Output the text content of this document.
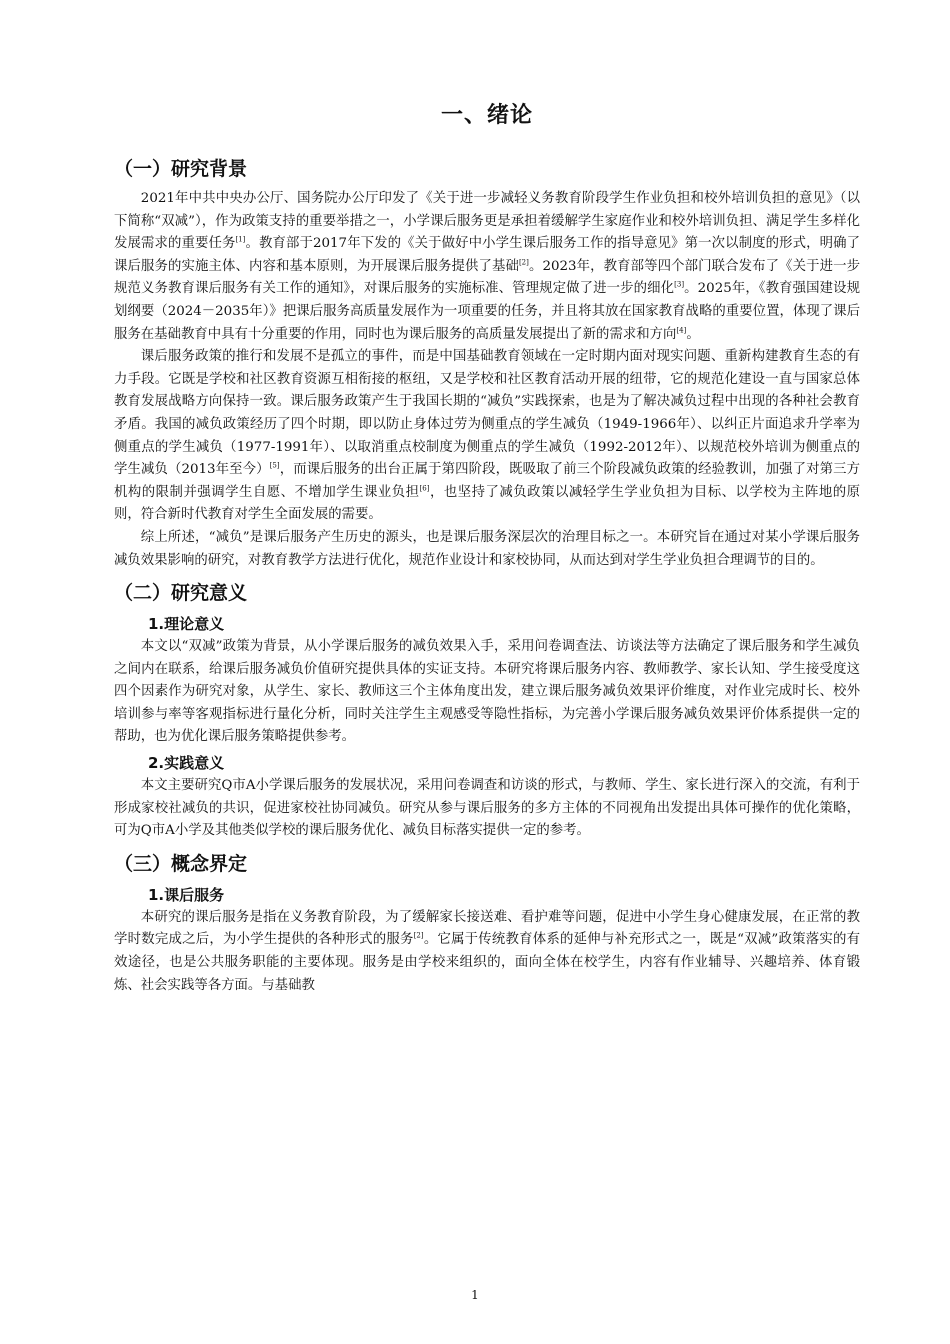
一、绪论
（一）研究背景

2021年中共中央办公厅、国务院办公厅印发了《关于进一步减轻义务教育阶段学生作业负担和校外培训负担的意见》（以下简称“双减”），作为政策支持的重要举措之一，小学课后服务更是承担着缓解学生家庭作业和校外培训负担、满足学生多样化发展需求的重要任务[1]。教育部于2017年下发的《关于做好中小学生课后服务工作的指导意见》第一次以制度的形式，明确了课后服务的实施主体、内容和基本原则，为开展课后服务提供了基础[2]。2023年，教育部等四个部门联合发布了《关于进一步规范义务教育课后服务有关工作的通知》，对课后服务的实施标准、管理规定做了进一步的细化[3]。2025年，《教育强国建设规划纲要（2024－2035年）》把课后服务高质量发展作为一项重要的任务，并且将其放在国家教育战略的重要位置，体现了课后服务在基础教育中具有十分重要的作用，同时也为课后服务的高质量发展提出了新的需求和方向[4]。

课后服务政策的推行和发展不是孤立的事件，而是中国基础教育领域在一定时期内面对现实问题、重新构建教育生态的有力手段。它既是学校和社区教育资源互相衔接的枢纽，又是学校和社区教育活动开展的纽带，它的规范化建设一直与国家总体教育发展战略方向保持一致。课后服务政策产生于我国长期的“减负”实践探索，也是为了解决减负过程中出现的各种社会教育矛盾。我国的减负政策经历了四个时期，即以防止身体过劳为侧重点的学生减负（1949-1966年）、以纠正片面追求升学率为侧重点的学生减负（1977-1991年）、以取消重点校制度为侧重点的学生减负（1992-2012年）、以规范校外培训为侧重点的学生减负（2013年至今）[5]，而课后服务的出台正属于第四阶段，既吸取了前三个阶段减负政策的经验教训，加强了对第三方机构的限制并强调学生自愿、不增加学生课业负担[6]，也坚持了减负政策以减轻学生学业负担为目标、以学校为主阵地的原则，符合新时代教育对学生全面发展的需要。

综上所述，“减负”是课后服务产生历史的源头，也是课后服务深层次的治理目标之一。本研究旨在通过对某小学课后服务减负效果影响的研究，对教育教学方法进行优化，规范作业设计和家校协同，从而达到对学生学业负担合理调节的目的。

（二）研究意义
1.理论意义

本文以“双减”政策为背景，从小学课后服务的减负效果入手，采用问卷调查法、访谈法等方法确定了课后服务和学生减负之间内在联系，给课后服务减负价值研究提供具体的实证支持。本研究将课后服务内容、教师教学、家长认知、学生接受度这四个因素作为研究对象，从学生、家长、教师这三个主体角度出发，建立课后服务减负效果评价维度，对作业完成时长、校外培训参与率等客观指标进行量化分析，同时关注学生主观感受等隐性指标，为完善小学课后服务减负效果评价体系提供一定的帮助，也为优化课后服务策略提供参考。

2.实践意义

本文主要研究Q市A小学课后服务的发展状况，采用问卷调查和访谈的形式，与教师、学生、家长进行深入的交流，有利于形成家校社减负的共识，促进家校社协同减负。研究从参与课后服务的多方主体的不同视角出发提出具体可操作的优化策略，可为Q市A小学及其他类似学校的课后服务优化、减负目标落实提供一定的参考。

（三）概念界定
1.课后服务

本研究的课后服务是指在义务教育阶段，为了缓解家长接送难、看护难等问题，促进中小学生身心健康发展，在正常的教学时数完成之后，为小学生提供的各种形式的服务[2]。它属于传统教育体系的延伸与补充形式之一，既是“双减”政策落实的有效途径，也是公共服务职能的主要体现。服务是由学校来组织的，面向全体在校学生，内容有作业辅导、兴趣培养、体育锻炼、社会实践等各方面。与基础教

1
